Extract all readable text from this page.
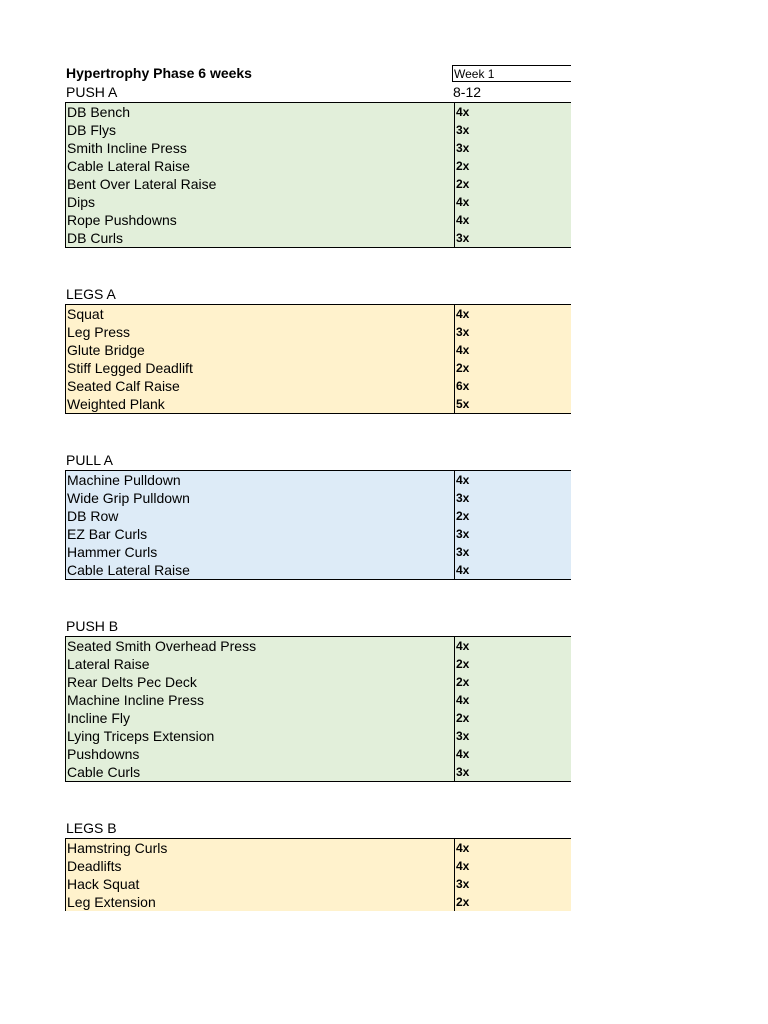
Hypertrophy Phase 6 weeks	Week 1
PUSH A	8-12
DB Bench	4x
DB Flys	3x
Smith Incline Press	3x
Cable Lateral Raise	2x
Bent Over Lateral Raise	2x
Dips	4x
Rope Pushdowns	4x
DB Curls	3x
LEGS A
Squat	4x
Leg Press	3x
Glute Bridge	4x
Stiff Legged Deadlift	2x
Seated Calf Raise	6x
Weighted Plank	5x
PULL A
Machine Pulldown	4x
Wide Grip Pulldown	3x
DB Row	2x
EZ Bar Curls	3x
Hammer Curls	3x
Cable Lateral Raise	4x
PUSH B
Seated Smith Overhead Press	4x
Lateral Raise	2x
Rear Delts Pec Deck	2x
Machine Incline Press	4x
Incline Fly	2x
Lying Triceps Extension	3x
Pushdowns	4x
Cable Curls	3x
LEGS B
Hamstring Curls	4x
Deadlifts	4x
Hack Squat	3x
Leg Extension	2x
